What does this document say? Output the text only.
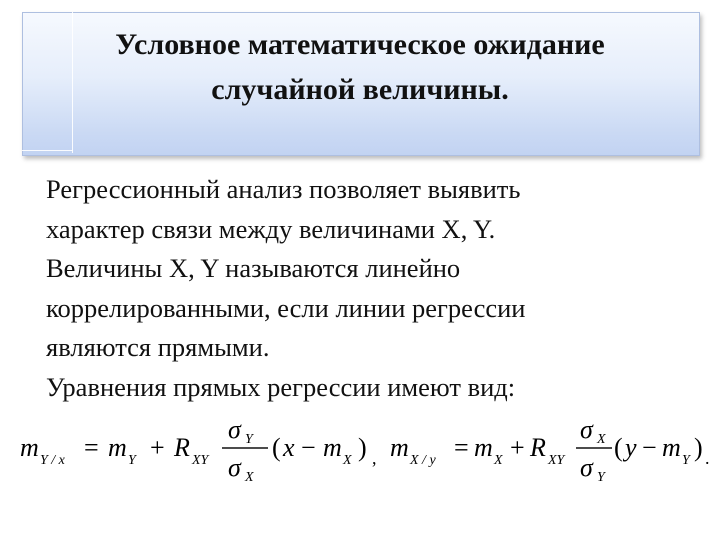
Условное математическое ожидание
случайной величины.
Регрессионный анализ позволяет выявить
характер связи между величинами X, Y.
Величины X, Y называются линейно
коррелированными, если линии регрессии
являются прямыми.
Уравнения прямых регрессии имеют вид:
m Y / x = m Y + R XY
σ Y
σ X
( x − m X ) , m X / y = m X + R XY
σ X
σ Y
( y − m Y ) .
